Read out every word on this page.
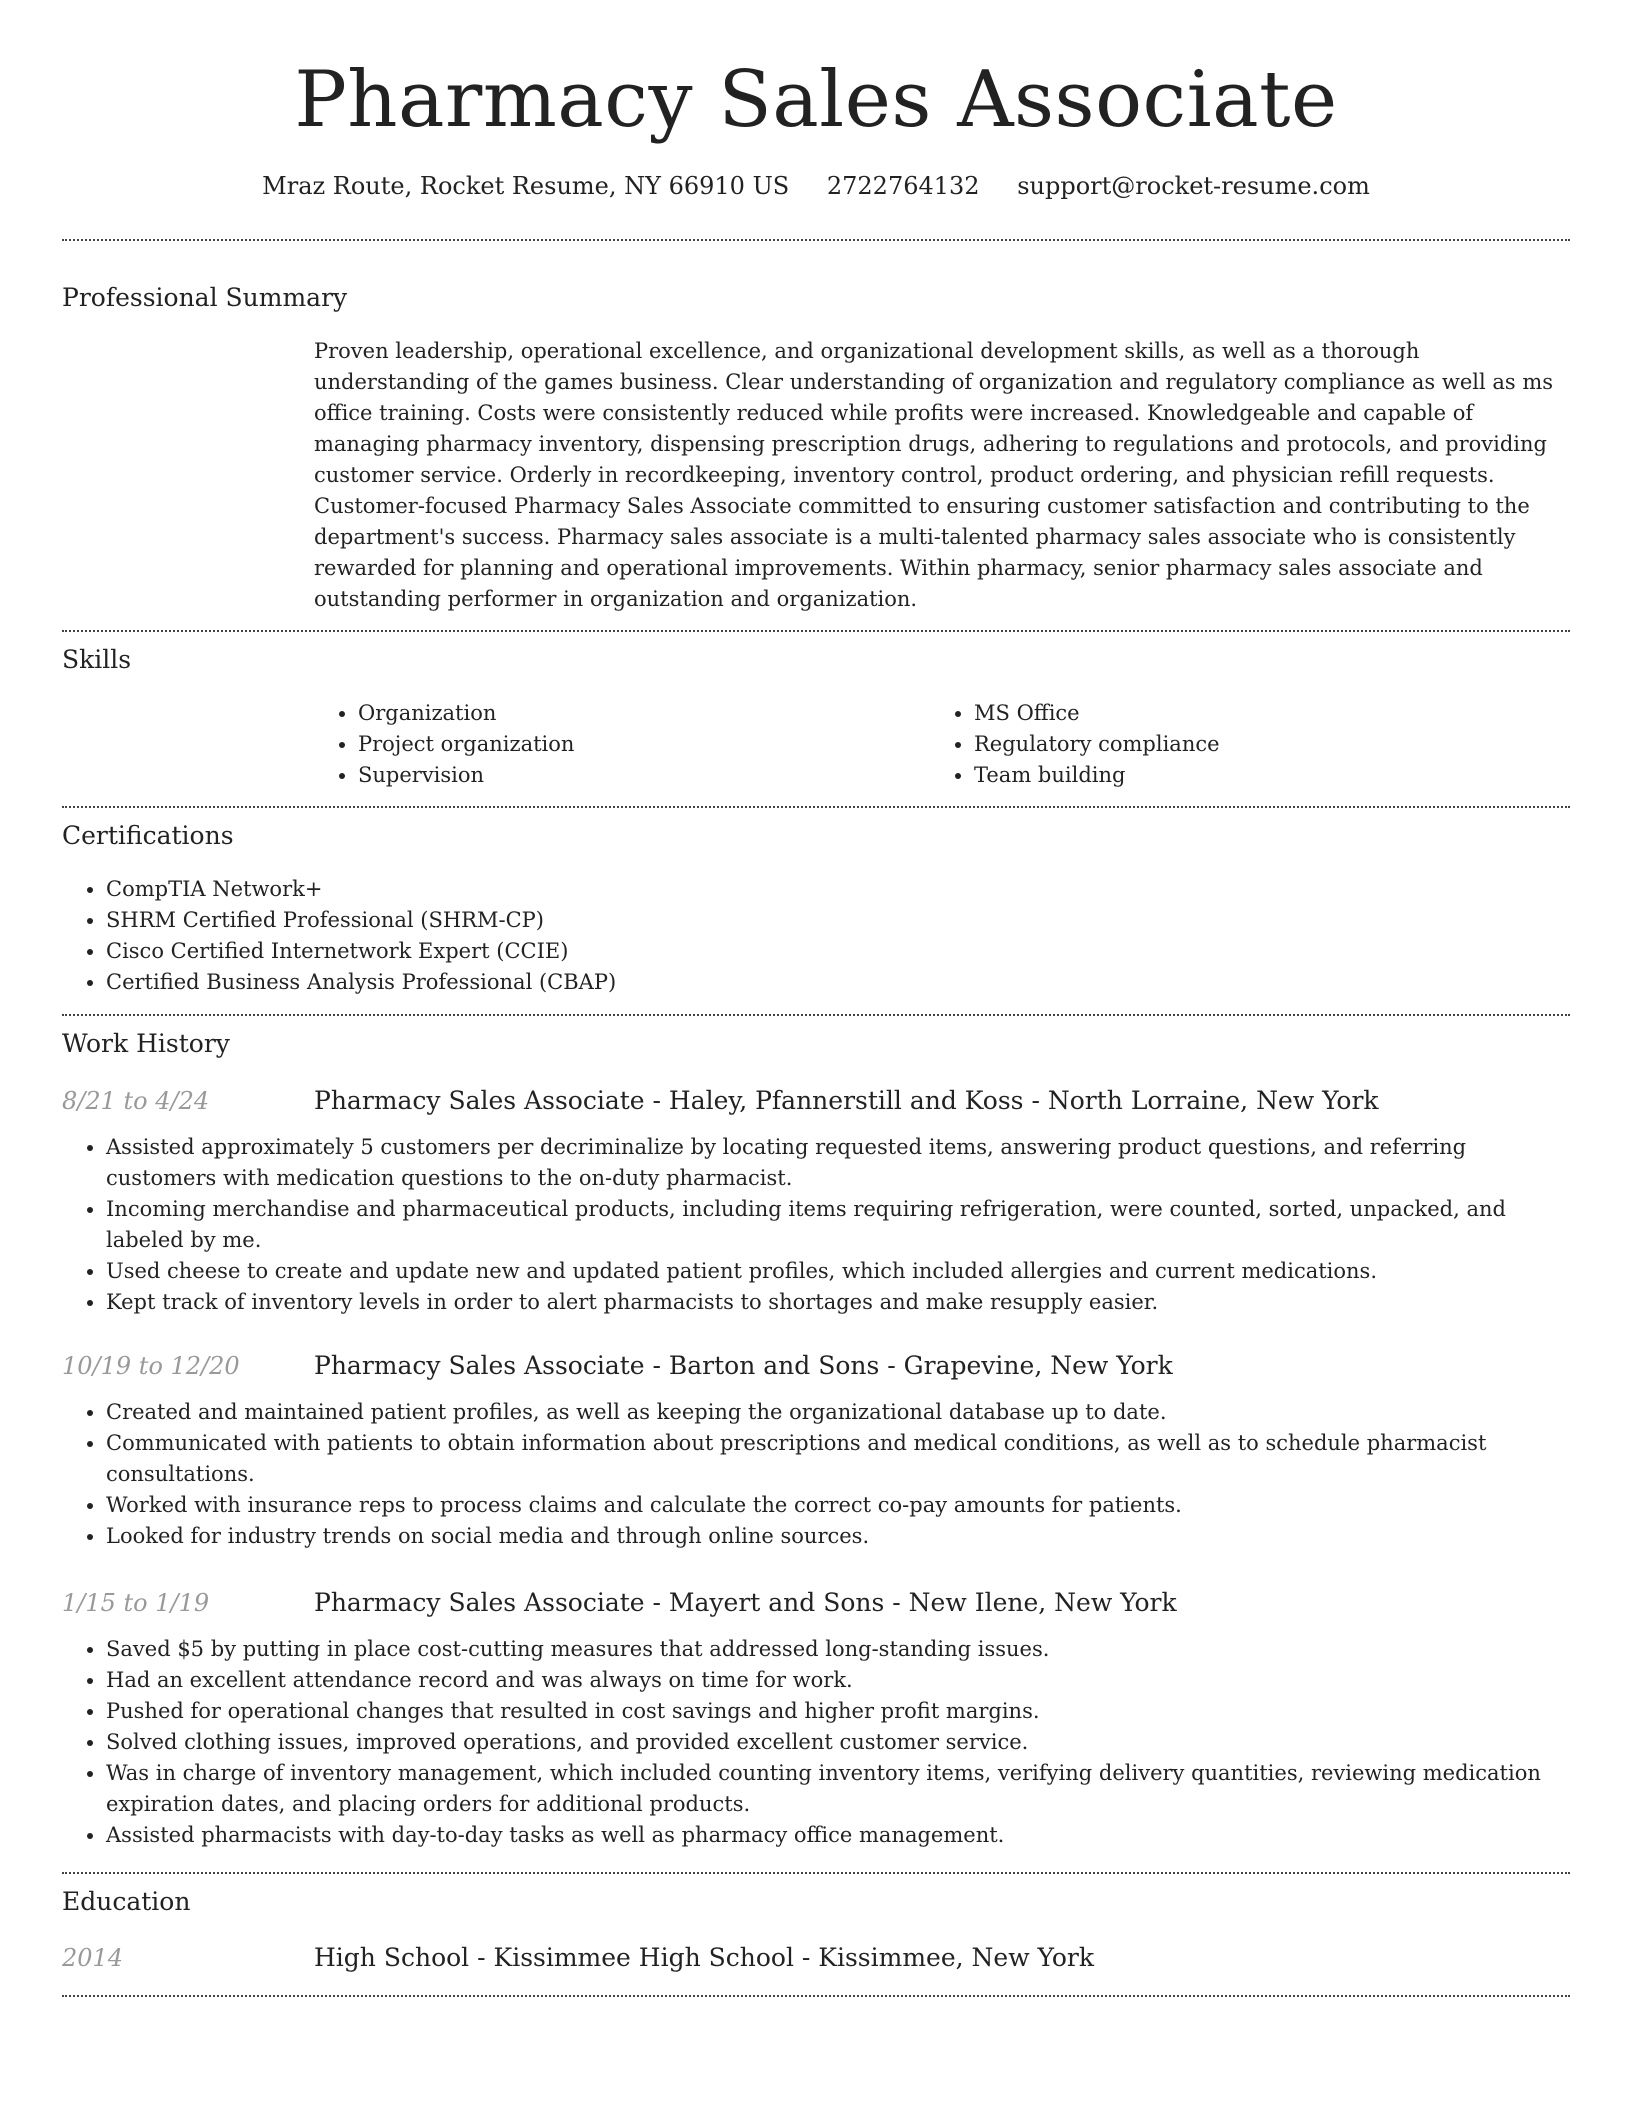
Pharmacy Sales Associate
Mraz Route, Rocket Resume, NY 66910 US 2722764132 support@rocket-resume.com
Professional Summary
Proven leadership, operational excellence, and organizational development skills, as well as a thorough understanding of the games business. Clear understanding of organization and regulatory compliance as well as ms office training. Costs were consistently reduced while profits were increased. Knowledgeable and capable of managing pharmacy inventory, dispensing prescription drugs, adhering to regulations and protocols, and providing customer service. Orderly in recordkeeping, inventory control, product ordering, and physician refill requests. Customer-focused Pharmacy Sales Associate committed to ensuring customer satisfaction and contributing to the department's success. Pharmacy sales associate is a multi-talented pharmacy sales associate who is consistently rewarded for planning and operational improvements. Within pharmacy, senior pharmacy sales associate and outstanding performer in organization and organization.
Skills
• Organization
• Project organization
• Supervision
• MS Office
• Regulatory compliance
• Team building
Certifications
• CompTIA Network+
• SHRM Certified Professional (SHRM-CP)
• Cisco Certified Internetwork Expert (CCIE)
• Certified Business Analysis Professional (CBAP)
Work History
8/21 to 4/24	Pharmacy Sales Associate - Haley, Pfannerstill and Koss - North Lorraine, New York
• Assisted approximately 5 customers per decriminalize by locating requested items, answering product questions, and referring customers with medication questions to the on-duty pharmacist.
• Incoming merchandise and pharmaceutical products, including items requiring refrigeration, were counted, sorted, unpacked, and labeled by me.
• Used cheese to create and update new and updated patient profiles, which included allergies and current medications.
• Kept track of inventory levels in order to alert pharmacists to shortages and make resupply easier.
10/19 to 12/20	Pharmacy Sales Associate - Barton and Sons - Grapevine, New York
• Created and maintained patient profiles, as well as keeping the organizational database up to date.
• Communicated with patients to obtain information about prescriptions and medical conditions, as well as to schedule pharmacist consultations.
• Worked with insurance reps to process claims and calculate the correct co-pay amounts for patients.
• Looked for industry trends on social media and through online sources.
1/15 to 1/19	Pharmacy Sales Associate - Mayert and Sons - New Ilene, New York
• Saved $5 by putting in place cost-cutting measures that addressed long-standing issues.
• Had an excellent attendance record and was always on time for work.
• Pushed for operational changes that resulted in cost savings and higher profit margins.
• Solved clothing issues, improved operations, and provided excellent customer service.
• Was in charge of inventory management, which included counting inventory items, verifying delivery quantities, reviewing medication expiration dates, and placing orders for additional products.
• Assisted pharmacists with day-to-day tasks as well as pharmacy office management.
Education
2014	High School - Kissimmee High School - Kissimmee, New York
